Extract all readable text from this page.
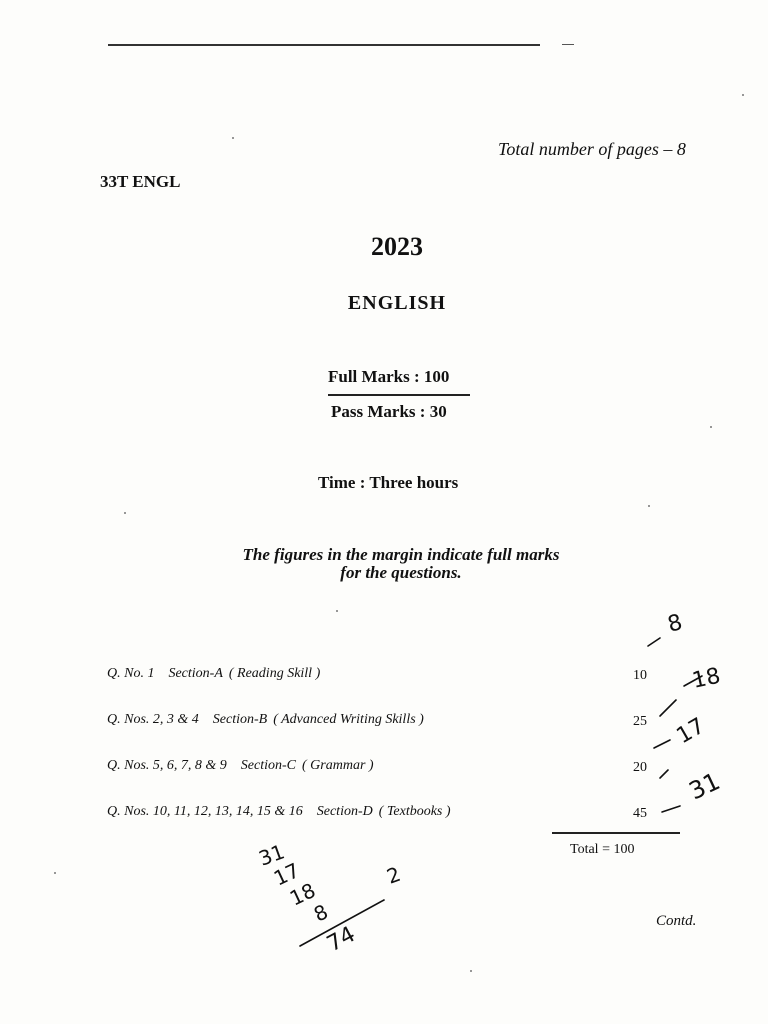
Total number of pages – 8
33T ENGL
2023
ENGLISH
Full Marks : 100
Pass Marks : 30
Time : Three hours
The figures in the margin indicate full marks
for the questions.
Q. No. 1 Section-A ( Reading Skill )	10
Q. Nos. 2, 3 & 4 Section-B ( Advanced Writing Skills )	25
Q. Nos. 5, 6, 7, 8 & 9 Section-C ( Grammar )	20
Q. Nos. 10, 11, 12, 13, 14, 15 & 16 Section-D ( Textbooks )	45
Total = 100
Contd.
8
18
17
31
31
17
18
8
74
2
